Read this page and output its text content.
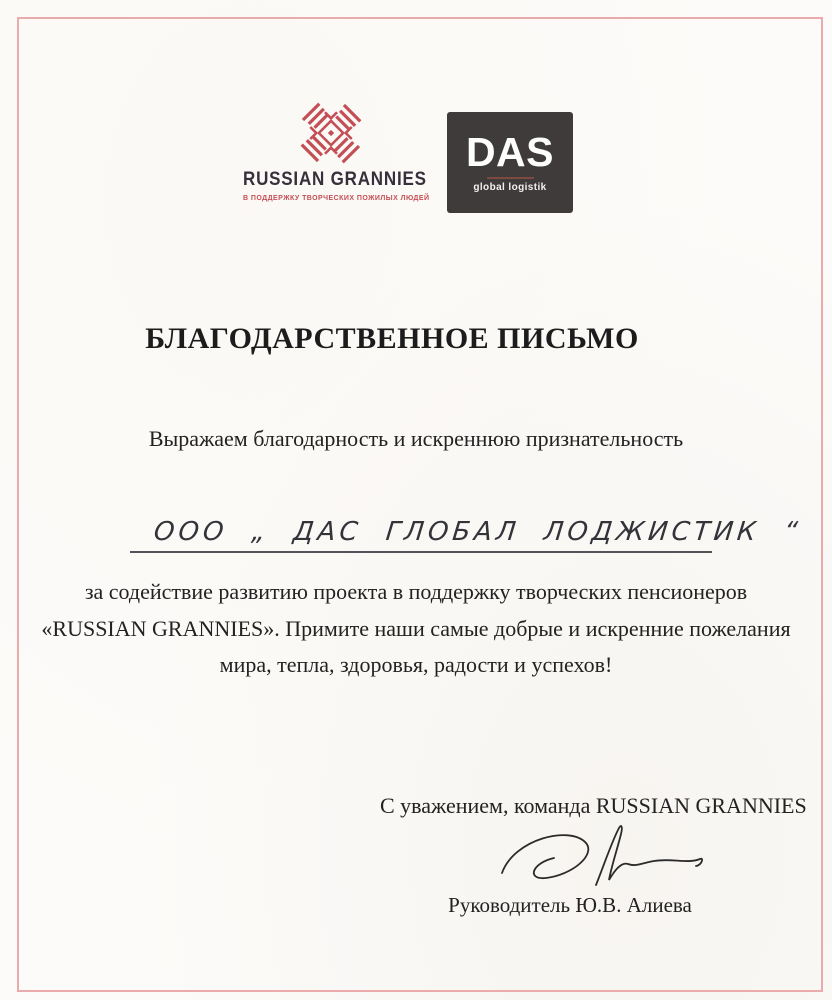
RUSSIAN GRANNIES
В ПОДДЕРЖКУ ТВОРЧЕСКИХ ПОЖИЛЫХ ЛЮДЕЙ
DAS
global logistik
БЛАГОДАРСТВЕННОЕ ПИСЬМО

Выражаем благодарность и искреннюю признательность

ООО „ ДАС ГЛОБАЛ ЛОДЖИСТИК “

за содействие развитию проекта в поддержку творческих пенсионеров

«RUSSIAN GRANNIES». Примите наши самые добрые и искренние пожелания

мира, тепла, здоровья, радости и успехов!

С уважением, команда RUSSIAN GRANNIES

Руководитель Ю.В. Алиева
